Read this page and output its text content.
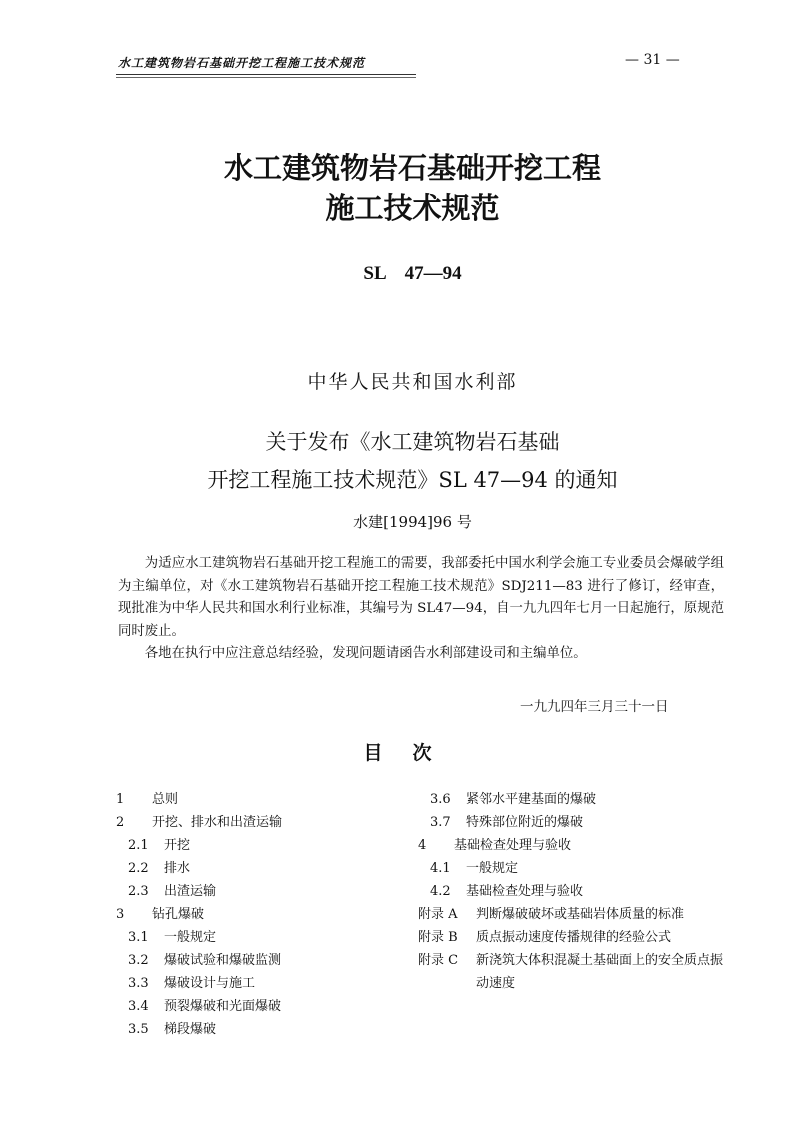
水工建筑物岩石基础开挖工程施工技术规范	— 31 —
水工建筑物岩石基础开挖工程
施工技术规范
SL　47—94
中华人民共和国水利部
关于发布《水工建筑物岩石基础
开挖工程施工技术规范》SL 47—94 的通知
水建[1994]96 号

为适应水工建筑物岩石基础开挖工程施工的需要，我部委托中国水利学会施工专业委员会爆破学组为主编单位，对《水工建筑物岩石基础开挖工程施工技术规范》SDJ211—83 进行了修订，经审查，现批准为中华人民共和国水利行业标准，其编号为 SL47—94，自一九九四年七月一日起施行，原规范同时废止。

各地在执行中应注意总结经验，发现问题请函告水利部建设司和主编单位。

一九九四年三月三十一日
目次
1 总则
2 开挖、排水和出渣运输
2.1 开挖
2.2 排水
2.3 出渣运输
3 钻孔爆破
3.1 一般规定
3.2 爆破试验和爆破监测
3.3 爆破设计与施工
3.4 预裂爆破和光面爆破
3.5 梯段爆破
3.6 紧邻水平建基面的爆破
3.7 特殊部位附近的爆破
4 基础检查处理与验收
4.1 一般规定
4.2 基础检查处理与验收
附录 A	判断爆破破坏或基础岩体质量的标准
附录 B	质点振动速度传播规律的经验公式
附录 C	新浇筑大体积混凝土基础面上的安全质点振动速度
